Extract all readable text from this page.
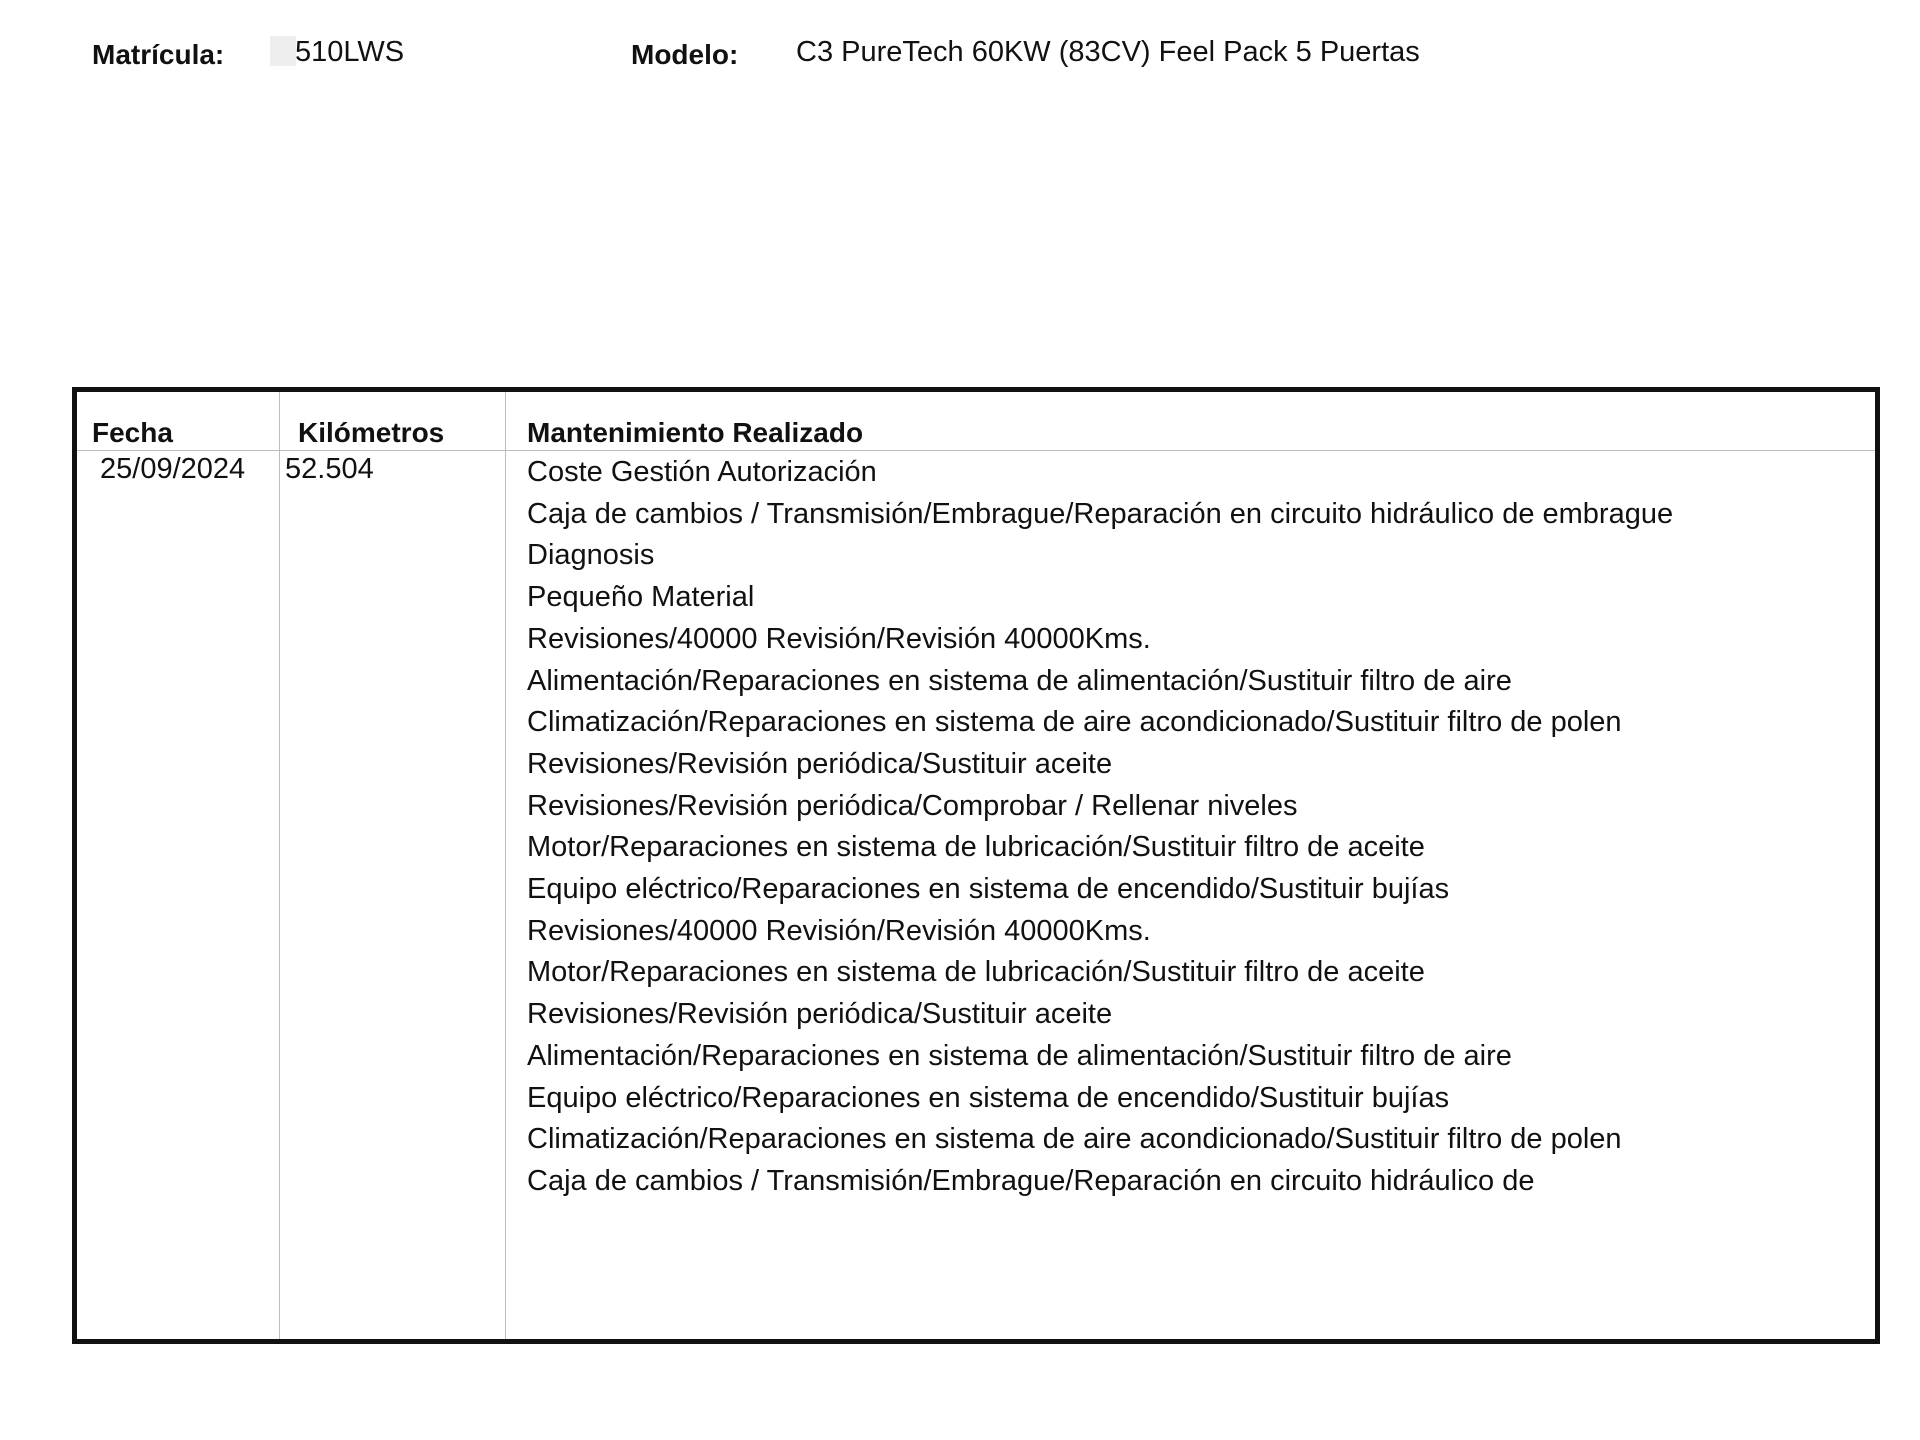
Matrícula: 510LWS	Modelo: C3 PureTech 60KW (83CV) Feel Pack 5 Puertas
Fecha	Kilómetros	Mantenimiento Realizado
25/09/2024 52.504	Coste Gestión Autorización
Caja de cambios / Transmisión/Embrague/Reparación en circuito hidráulico de embrague
Diagnosis
Pequeño Material
Revisiones/40000 Revisión/Revisión 40000Kms.
Alimentación/Reparaciones en sistema de alimentación/Sustituir filtro de aire
Climatización/Reparaciones en sistema de aire acondicionado/Sustituir filtro de polen
Revisiones/Revisión periódica/Sustituir aceite
Revisiones/Revisión periódica/Comprobar / Rellenar niveles
Motor/Reparaciones en sistema de lubricación/Sustituir filtro de aceite
Equipo eléctrico/Reparaciones en sistema de encendido/Sustituir bujías
Revisiones/40000 Revisión/Revisión 40000Kms.
Motor/Reparaciones en sistema de lubricación/Sustituir filtro de aceite
Revisiones/Revisión periódica/Sustituir aceite
Alimentación/Reparaciones en sistema de alimentación/Sustituir filtro de aire
Equipo eléctrico/Reparaciones en sistema de encendido/Sustituir bujías
Climatización/Reparaciones en sistema de aire acondicionado/Sustituir filtro de polen
Caja de cambios / Transmisión/Embrague/Reparación en circuito hidráulico de
